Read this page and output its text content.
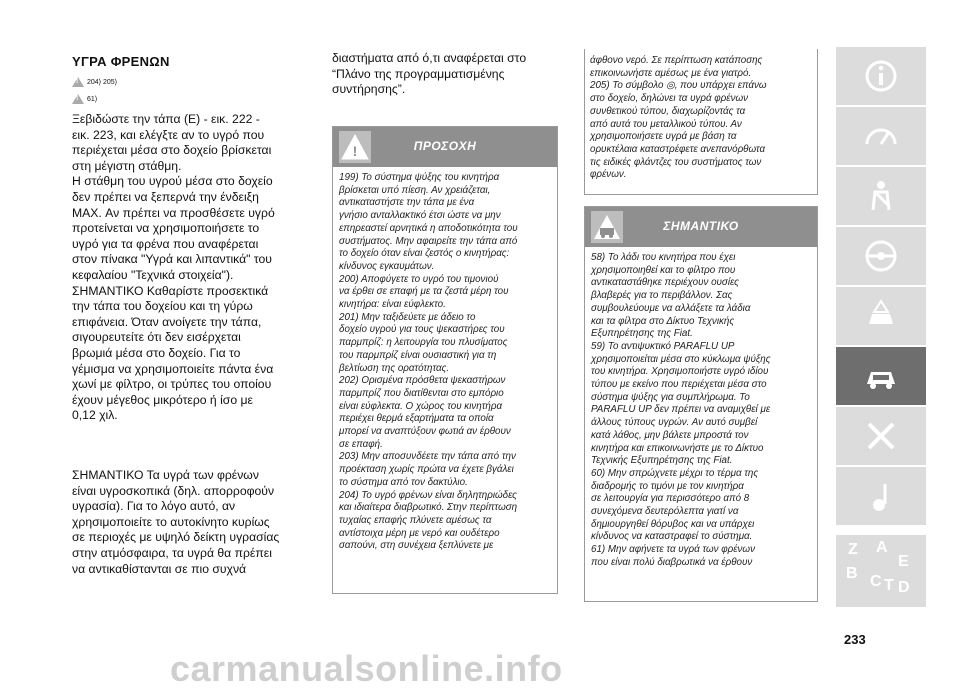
ΥΓΡΑ ΦΡΕΝΩΝ
!
204) 205)
!
61)
Ξεβιδώστε την τάπα (Ε) - εικ. 222 -
εικ. 223, και ελέγξτε αν το υγρό που
περιέχεται μέσα στο δοχείο βρίσκεται
στη μέγιστη στάθμη.
Η στάθμη του υγρού μέσα στο δοχείο
δεν πρέπει να ξεπερνά την ένδειξη
MAX. Αν πρέπει να προσθέσετε υγρό
προτείνεται να χρησιμοποιήσετε το
υγρό για τα φρένα που αναφέρεται
στον πίνακα "Υγρά και λιπαντικά" του
κεφαλαίου "Τεχνικά στοιχεία").
ΣΗΜΑΝΤΙΚΟ Καθαρίστε προσεκτικά
την τάπα του δοχείου και τη γύρω
επιφάνεια. Όταν ανοίγετε την τάπα,
σιγουρευτείτε ότι δεν εισέρχεται
βρωμιά μέσα στο δοχείο. Για το
γέμισμα να χρησιμοποιείτε πάντα ένα
χωνί με φίλτρο, οι τρύπες του οποίου
έχουν μέγεθος μικρότερο ή ίσο με
0,12 χιλ.
ΣΗΜΑΝΤΙΚΟ Τα υγρά των φρένων
είναι υγροσκοπικά (δηλ. απορροφούν
υγρασία). Για το λόγο αυτό, αν
χρησιμοποιείτε το αυτοκίνητο κυρίως
σε περιοχές με υψηλό δείκτη υγρασίας
στην ατμόσφαιρα, τα υγρά θα πρέπει
να αντικαθίστανται σε πιο συχνά
διαστήματα από ό,τι αναφέρεται στο
“Πλάνο της προγραμματισμένης
συντήρησης”.
!	ΠΡΟΣΟΧΗ
199) Το σύστημα ψύξης του κινητήρα
βρίσκεται υπό πίεση. Αν χρειάζεται,
αντικαταστήστε την τάπα με ένα
γνήσιο ανταλλακτικό έτσι ώστε να μην
επηρεαστεί αρνητικά η αποδοτικότητα του
συστήματος. Μην αφαιρείτε την τάπα από
το δοχείο όταν είναι ζεστός ο κινητήρας:
κίνδυνος εγκαυμάτων.
200) Αποφύγετε το υγρό του τιμονιού
να έρθει σε επαφή με τα ζεστά μέρη του
κινητήρα: είναι εύφλεκτο.
201) Μην ταξιδεύετε με άδειο το
δοχείο υγρού για τους ψεκαστήρες του
παρμπρίζ: η λειτουργία του πλυσίματος
του παρμπρίζ είναι ουσιαστική για τη
βελτίωση της ορατότητας.
202) Ορισμένα πρόσθετα ψεκαστήρων
παρμπρίζ που διατίθενται στο εμπόριο
είναι εύφλεκτα. Ο χώρος του κινητήρα
περιέχει θερμά εξαρτήματα τα οποία
μπορεί να αναπτύξουν φωτιά αν έρθουν
σε επαφή.
203) Μην αποσυνδέετε την τάπα από την
προέκταση χωρίς πρώτα να έχετε βγάλει
το σύστημα από τον δακτύλιο.
204) Το υγρό φρένων είναι δηλητηριώδες
και ιδιαίτερα διαβρωτικό. Στην περίπτωση
τυχαίας επαφής πλύνετε αμέσως τα
αντίστοιχα μέρη με νερό και ουδέτερο
σαπούνι, στη συνέχεια ξεπλύνετε με
άφθονο νερό. Σε περίπτωση κατάποσης
επικοινωνήστε αμέσως με ένα γιατρό.
205) Το σύμβολο ◎, που υπάρχει επάνω
στο δοχείο, δηλώνει τα υγρά φρένων
συνθετικού τύπου, διαχωρίζοντάς τα
από αυτά του μεταλλικού τύπου. Αν
χρησιμοποιήσετε υγρά με βάση τα
ορυκτέλαια καταστρέφετε ανεπανόρθωτα
τις ειδικές φλάντζες του συστήματος των
φρένων.
ΣΗΜΑΝΤΙΚΟ
58) Το λάδι του κινητήρα που έχει
χρησιμοποιηθεί και το φίλτρο που
αντικαταστάθηκε περιέχουν ουσίες
βλαβερές για το περιβάλλον. Σας
συμβουλεύουμε να αλλάξετε τα λάδια
και τα φίλτρα στο Δίκτυο Τεχνικής
Εξυπηρέτησης της Fiat.
59) Το αντιψυκτικό PARAFLU UP
χρησιμοποιείται μέσα στο κύκλωμα ψύξης
του κινητήρα. Χρησιμοποιήστε υγρό ιδίου
τύπου με εκείνο που περιέχεται μέσα στο
σύστημα ψύξης για συμπλήρωμα. Το
PARAFLU UP δεν πρέπει να αναμιχθεί με
άλλους τύπους υγρών. Αν αυτό συμβεί
κατά λάθος, μην βάλετε μπροστά τον
κινητήρα και επικοινωνήστε με το Δίκτυο
Τεχνικής Εξυπηρέτησης της Fiat.
60) Μην σπρώχνετε μέχρι το τέρμα της
διαδρομής το τιμόνι με τον κινητήρα
σε λειτουργία για περισσότερο από 8
συνεχόμενα δευτερόλεπτα γιατί να
δημιουργηθεί θόρυβος και να υπάρχει
κίνδυνος να καταστραφεί το σύστημα.
61) Μην αφήνετε τα υγρά των φρένων
που είναι πολύ διαβρωτικά να έρθουν
Z A
E
B C D
T
233
carmanualsonline.info
